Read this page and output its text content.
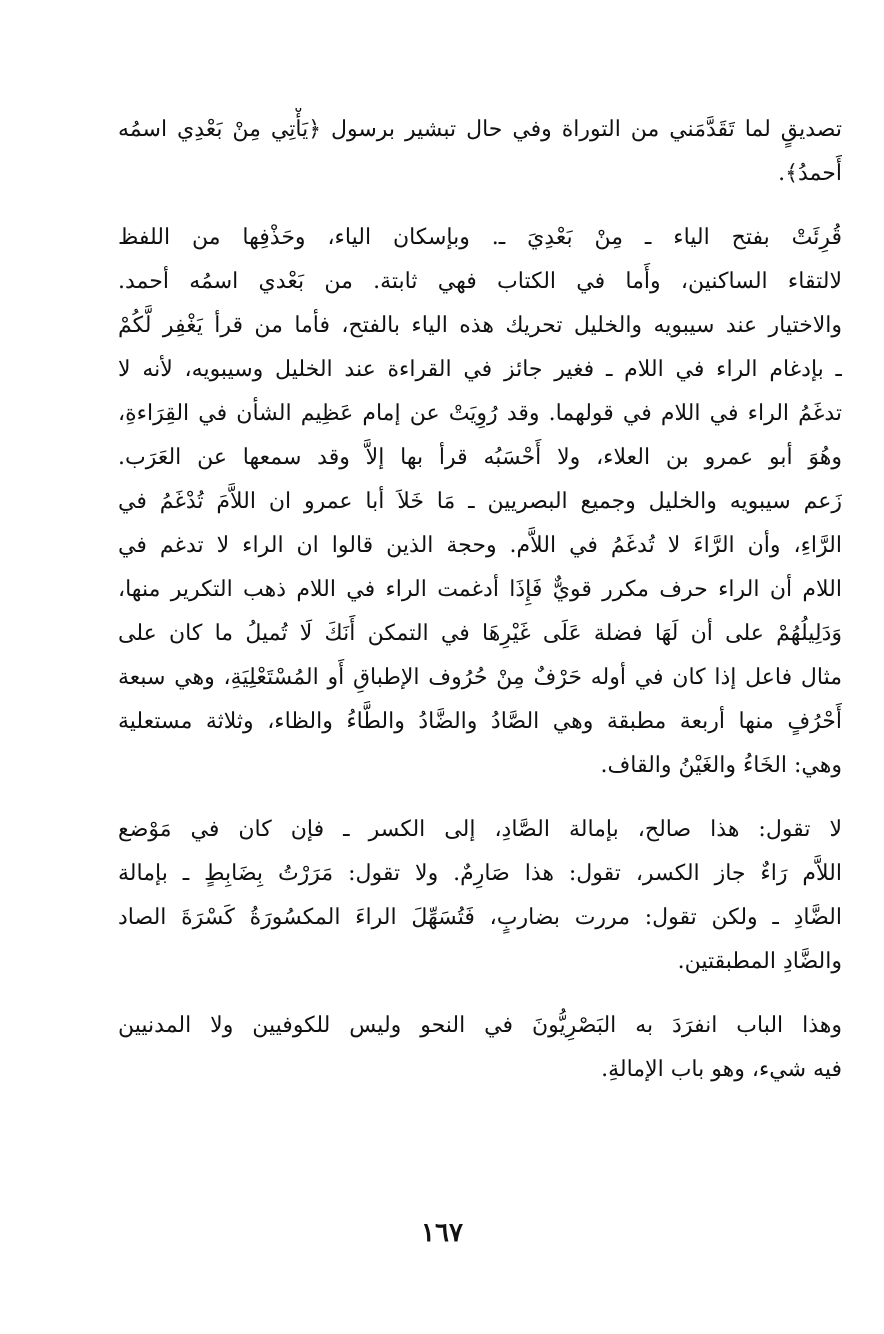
تصديقٍ لما تَقَدَّمَني من التوراة وفي حال تبشير برسول ﴿يَأْتِي مِنْ بَعْدِي اسمُه
أَحمدُ﴾.
قُرِئَتْ بفتح الياء ـ مِنْ بَعْدِيَ ـ. وبإسكان الياء، وحَذْفِها من اللفظ
لالتقاء الساكنين، وأَما في الكتاب فهي ثابتة. من بَعْدي اسمُه أحمد.
والاختيار عند سيبويه والخليل تحريك هذه الياء بالفتح، فأما من قرأ يَغْفِر لَّكُمْ
ـ بإدغام الراء في اللام ـ فغير جائز في القراءة عند الخليل وسيبويه، لأنه لا
تدغَمُ الراء في اللام في قولهما. وقد رُوِيَتْ عن إمام عَظِيم الشأن في القِرَاءةِ،
وهُوَ أبو عمرو بن العلاء، ولا أَحْسَبُه قرأ بها إلاَّ وقد سمعها عن العَرَب.
زَعم سيبويه والخليل وجميع البصريين ـ مَا خَلاَ أبا عمرو ان اللاَّمَ تُدْغَمُ في
الرَّاءِ، وأن الرَّاءَ لا تُدغَمُ في اللاَّم. وحجة الذين قالوا ان الراء لا تدغم في
اللام أن الراء حرف مكرر قويٌّ فَإِذَا أدغمت الراء في اللام ذهب التكرير منها،
وَدَلِيلُهُمْ على أن لَهَا فضلة عَلَى غَيْرِهَا في التمكن أَنَكَ لَا تُميلُ ما كان على
مثال فاعل إذا كان في أوله حَرْفٌ مِنْ حُرُوف الإطباقِ أَو المُسْتَعْلِيَةِ، وهي سبعة
أَحْرُفٍ منها أربعة مطبقة وهي الصَّادُ والضَّادُ والطَّاءُ والظاء، وثلاثة مستعلية
وهي: الخَاءُ والغَيْنُ والقاف.
لا تقول: هذا صالح، بإمالة الصَّادِ، إلى الكسر ـ فإن كان في مَوْضع
اللاَّم رَاءٌ جاز الكسر، تقول: هذا صَارِمٌ. ولا تقول: مَرَرْتُ بِضَابِطٍ ـ بإمالة
الضَّادِ ـ ولكن تقول: مررت بضاربٍ، فَتُسَهِّلَ الراءَ المكسُورَةُ كَسْرَةَ الصاد
والضَّادِ المطبقتين.
وهذا الباب انفرَدَ به البَصْرِيُّونَ في النحو وليس للكوفيين ولا المدنيين
فيه شيء، وهو باب الإمالةِ.
١٦٧
